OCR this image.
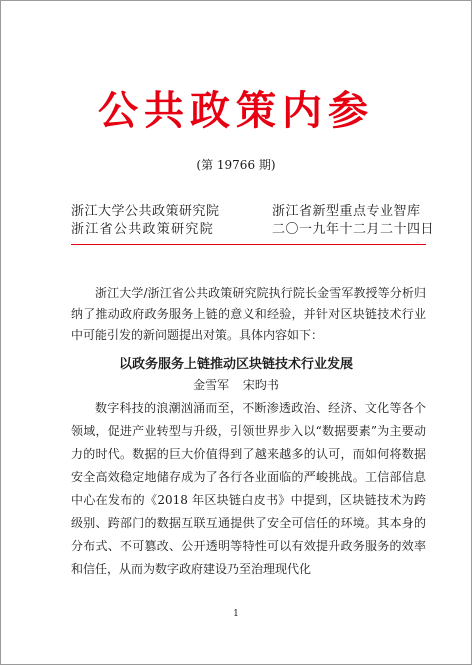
公共政策内参
(第 19766 期)
浙江大学公共政策研究院
浙江省公共政策研究院
浙江省新型重点专业智库
二〇一九年十二月二十四日

浙江大学/浙江省公共政策研究院执行院长金雪军教授等分析归纳了推动政府政务服务上链的意义和经验，并针对区块链技术行业中可能引发的新问题提出对策。具体内容如下：

以政务服务上链推动区块链技术行业发展
金雪军 宋昀书

数字科技的浪潮汹涌而至，不断渗透政治、经济、文化等各个领域，促进产业转型与升级，引领世界步入以“数据要素”为主要动力的时代。数据的巨大价值得到了越来越多的认可，而如何将数据安全高效稳定地储存成为了各行各业面临的严峻挑战。工信部信息中心在发布的《2018 年区块链白皮书》中提到，区块链技术为跨级别、跨部门的数据互联互通提供了安全可信任的环境。其本身的分布式、不可篡改、公开透明等特性可以有效提升政务服务的效率和信任，从而为数字政府建设乃至治理现代化

1
